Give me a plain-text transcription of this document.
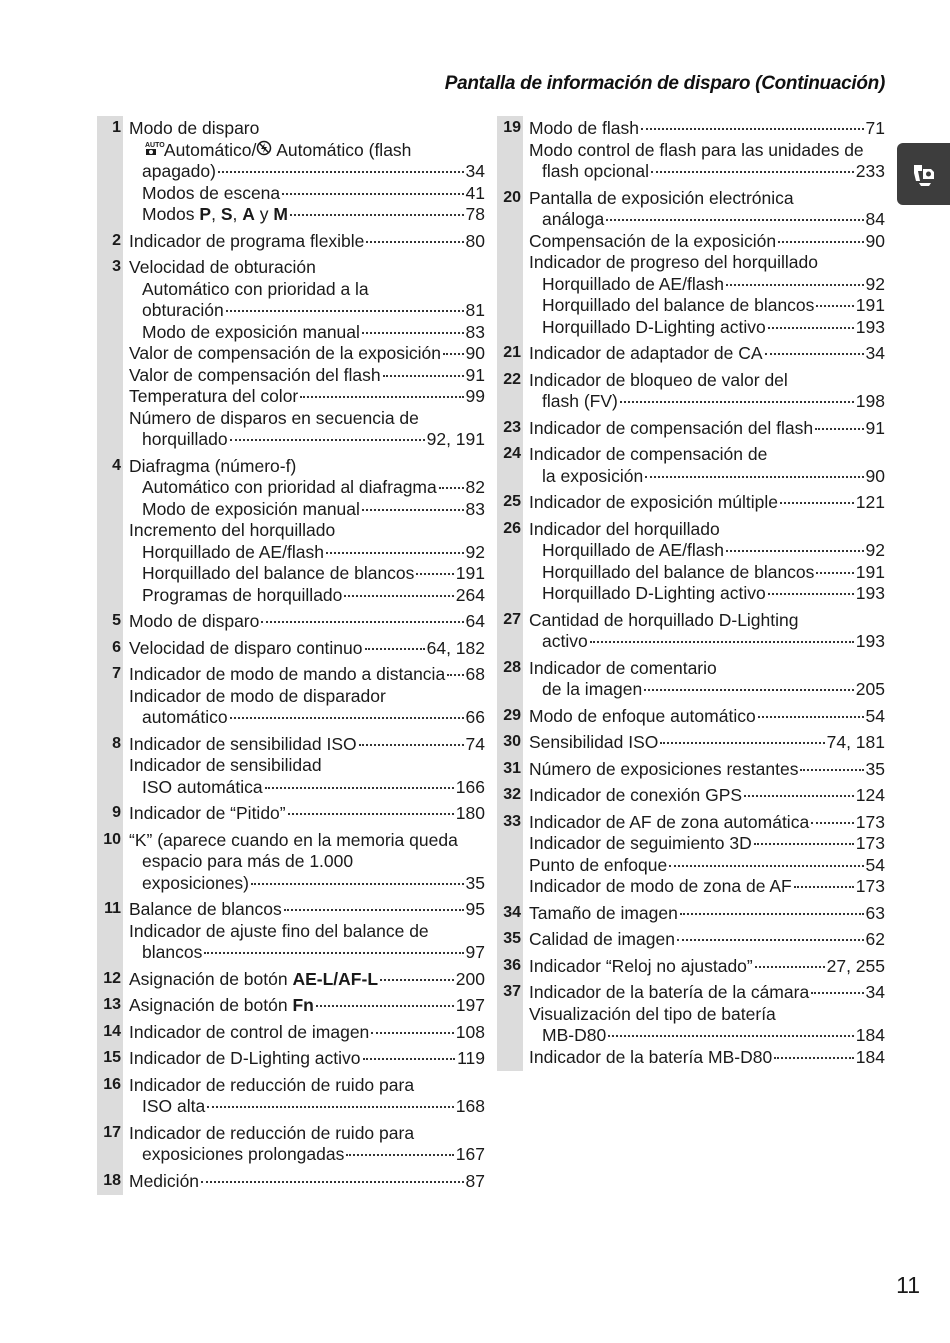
Pantalla de información de disparo (Continuación)
1 Modo de disparo
AUTO
Automático/ Automático (flash
apagado)	34
Modos de escena	41
Modos P, S, A y M	78
2 Indicador de programa flexible	80
3 Velocidad de obturación
Automático con prioridad a la
obturación	81
Modo de exposición manual	83
Valor de compensación de la exposición 90
Valor de compensación del flash	91
Temperatura del color	99
Número de disparos en secuencia de
horquillado	92, 191
4 Diafragma (número-f)
Automático con prioridad al diafragma 82
Modo de exposición manual	83
Incremento del horquillado
Horquillado de AE/flash	92
Horquillado del balance de blancos 191
Programas de horquillado	264
5 Modo de disparo	64
6 Velocidad de disparo continuo	64, 182
7 Indicador de modo de mando a distancia 68
Indicador de modo de disparador
automático	66
8 Indicador de sensibilidad ISO	74
Indicador de sensibilidad
ISO automática	166
9 Indicador de “Pitido”	180
10 “K” (aparece cuando en la memoria queda
espacio para más de 1.000
exposiciones)	35
11 Balance de blancos	95
Indicador de ajuste fino del balance de
blancos	97
12 Asignación de botón AE-L/AF-L	200
13 Asignación de botón Fn	197
14 Indicador de control de imagen	108
15 Indicador de D-Lighting activo	119
16 Indicador de reducción de ruido para
ISO alta	168
17 Indicador de reducción de ruido para
exposiciones prolongadas	167
18 Medición	87
19 Modo de flash	71
Modo control de flash para las unidades de
flash opcional	233
20 Pantalla de exposición electrónica
análoga	84
Compensación de la exposición	90
Indicador de progreso del horquillado
Horquillado de AE/flash	92
Horquillado del balance de blancos 191
Horquillado D-Lighting activo	193
21 Indicador de adaptador de CA	34
22 Indicador de bloqueo de valor del
flash (FV)	198
23 Indicador de compensación del flash	91
24 Indicador de compensación de
la exposición	90
25 Indicador de exposición múltiple	121
26 Indicador del horquillado
Horquillado de AE/flash	92
Horquillado del balance de blancos 191
Horquillado D-Lighting activo	193
27 Cantidad de horquillado D-Lighting
activo	193
28 Indicador de comentario
de la imagen	205
29 Modo de enfoque automático	54
30 Sensibilidad ISO	74, 181
31 Número de exposiciones restantes	35
32 Indicador de conexión GPS	124
33 Indicador de AF de zona automática	173
Indicador de seguimiento 3D	173
Punto de enfoque	54
Indicador de modo de zona de AF	173
34 Tamaño de imagen	63
35 Calidad de imagen	62
36 Indicador “Reloj no ajustado”	27, 255
37 Indicador de la batería de la cámara	34
Visualización del tipo de batería
MB-D80	184
Indicador de la batería MB-D80	184
11
